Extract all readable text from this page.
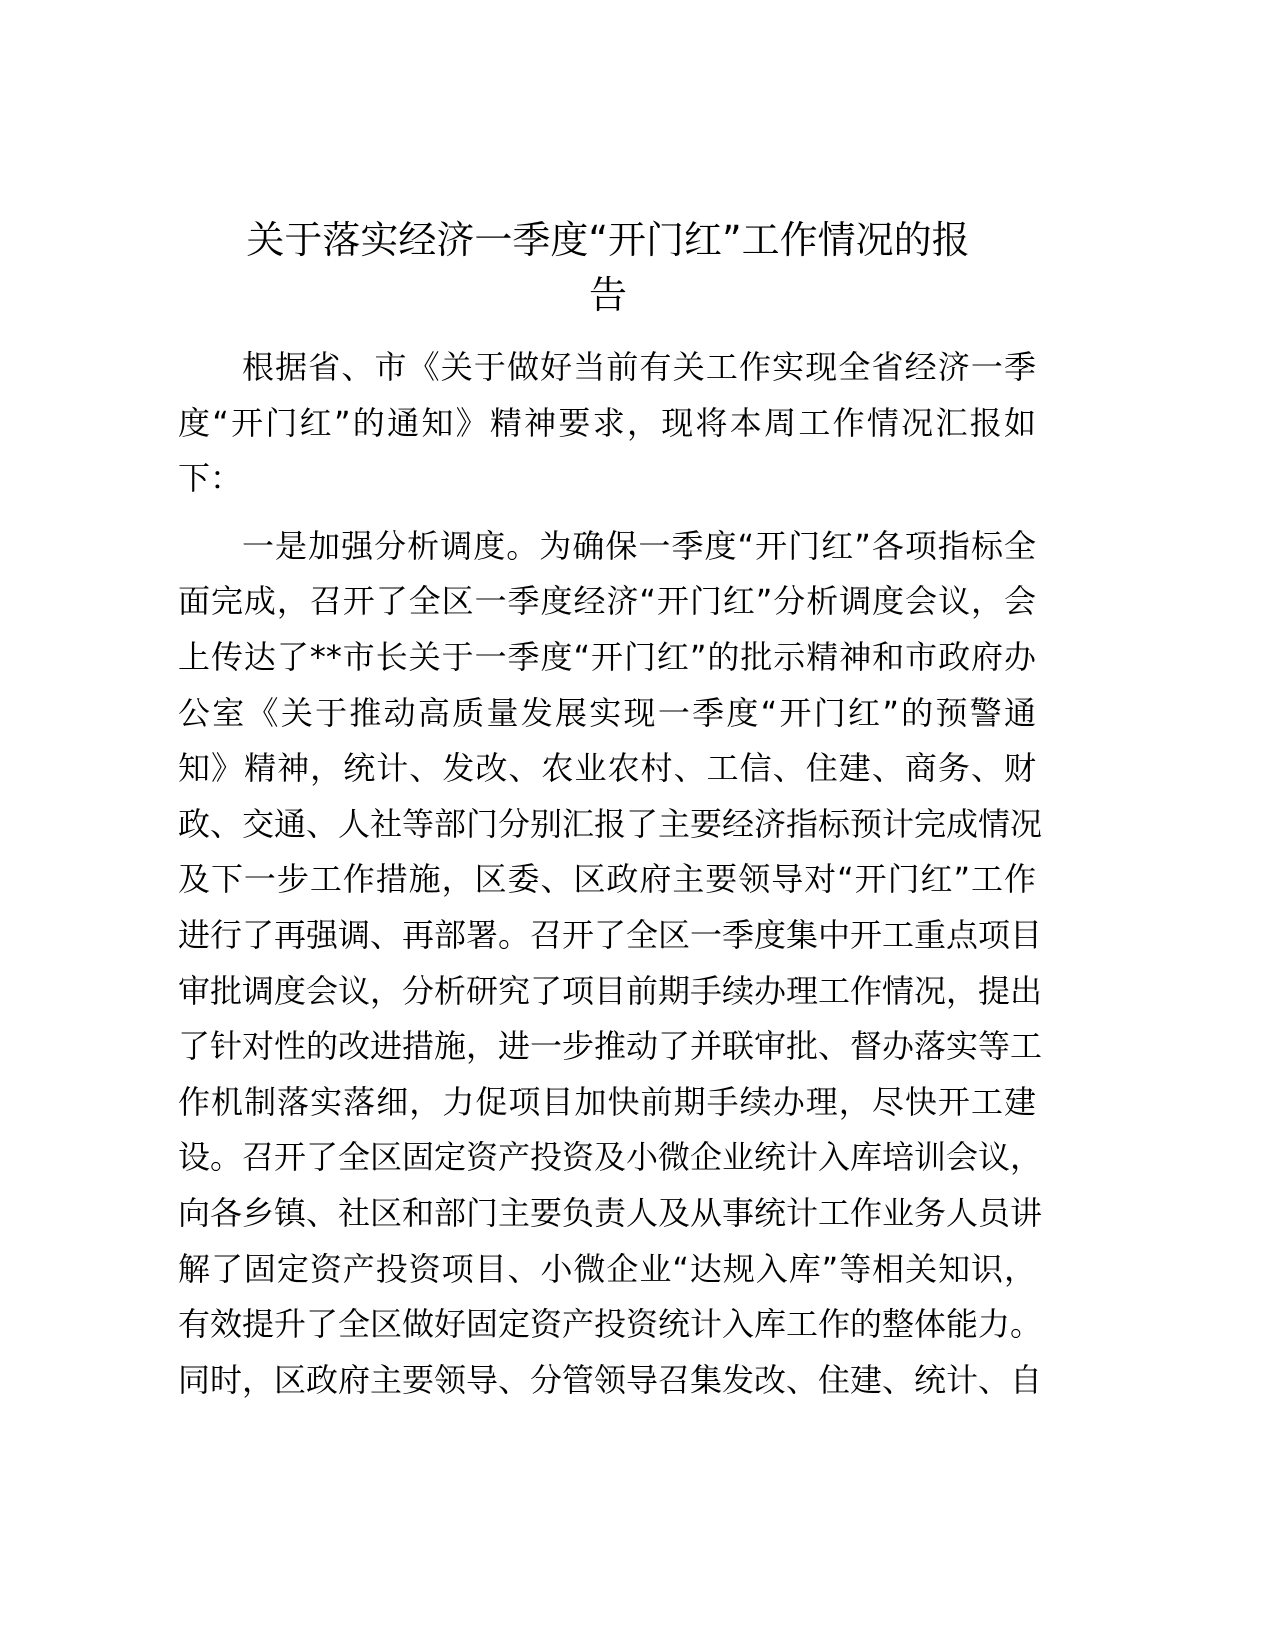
关于落实经济一季度“开门红”工作情况的报
告
根据省、市《关于做好当前有关工作实现全省经济一季
度“开门红”的通知》精神要求，现将本周工作情况汇报如
下：
一是加强分析调度。为确保一季度“开门红”各项指标全
面完成，召开了全区一季度经济“开门红”分析调度会议，会
上传达了**市长关于一季度“开门红”的批示精神和市政府办
公室《关于推动高质量发展实现一季度“开门红”的预警通
知》精神，统计、发改、农业农村、工信、住建、商务、财
政、交通、人社等部门分别汇报了主要经济指标预计完成情况
及下一步工作措施，区委、区政府主要领导对“开门红”工作
进行了再强调、再部署。召开了全区一季度集中开工重点项目
审批调度会议，分析研究了项目前期手续办理工作情况，提出
了针对性的改进措施，进一步推动了并联审批、督办落实等工
作机制落实落细，力促项目加快前期手续办理，尽快开工建
设。召开了全区固定资产投资及小微企业统计入库培训会议，
向各乡镇、社区和部门主要负责人及从事统计工作业务人员讲
解了固定资产投资项目、小微企业“达规入库”等相关知识，
有效提升了全区做好固定资产投资统计入库工作的整体能力。
同时，区政府主要领导、分管领导召集发改、住建、统计、自
